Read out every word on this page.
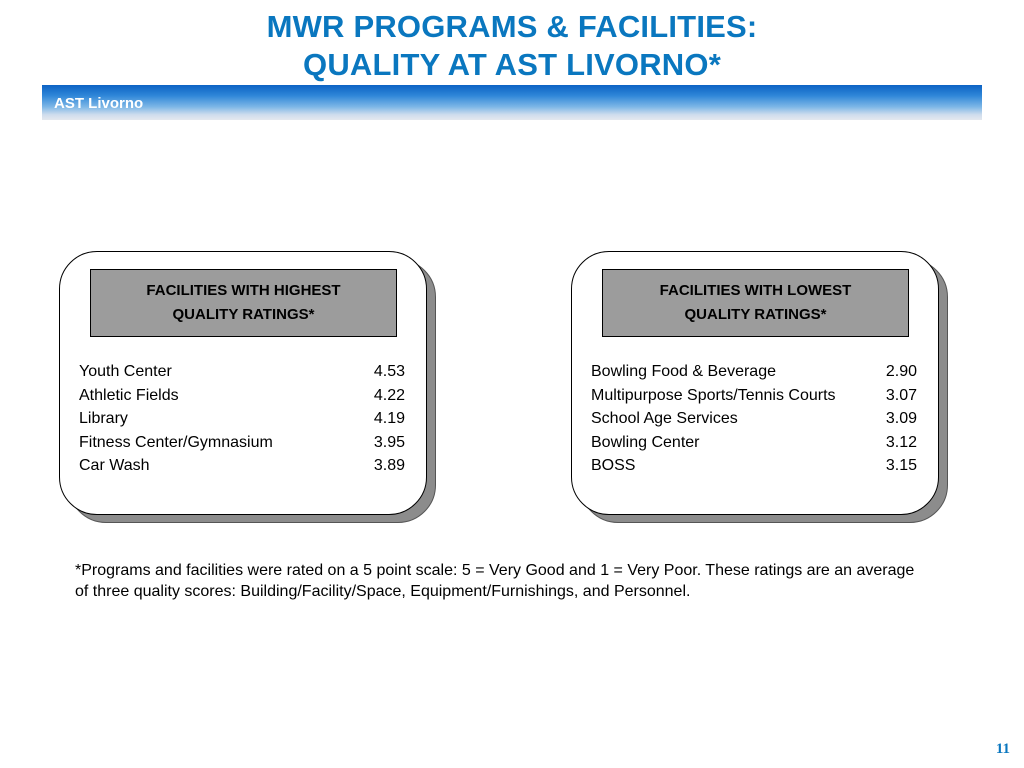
MWR PROGRAMS & FACILITIES:
QUALITY AT AST LIVORNO*
AST Livorno
FACILITIES WITH HIGHEST
QUALITY RATINGS*
Youth Center	4.53
Athletic Fields	4.22
Library	4.19
Fitness Center/Gymnasium	3.95
Car Wash	3.89
FACILITIES WITH LOWEST
QUALITY RATINGS*
Bowling Food & Beverage	2.90
Multipurpose Sports/Tennis Courts	3.07
School Age Services	3.09
Bowling Center	3.12
BOSS	3.15
*Programs and facilities were rated on a 5 point scale: 5 = Very Good and 1 = Very Poor. These ratings are an average
of three quality scores: Building/Facility/Space, Equipment/Furnishings, and Personnel.
11
